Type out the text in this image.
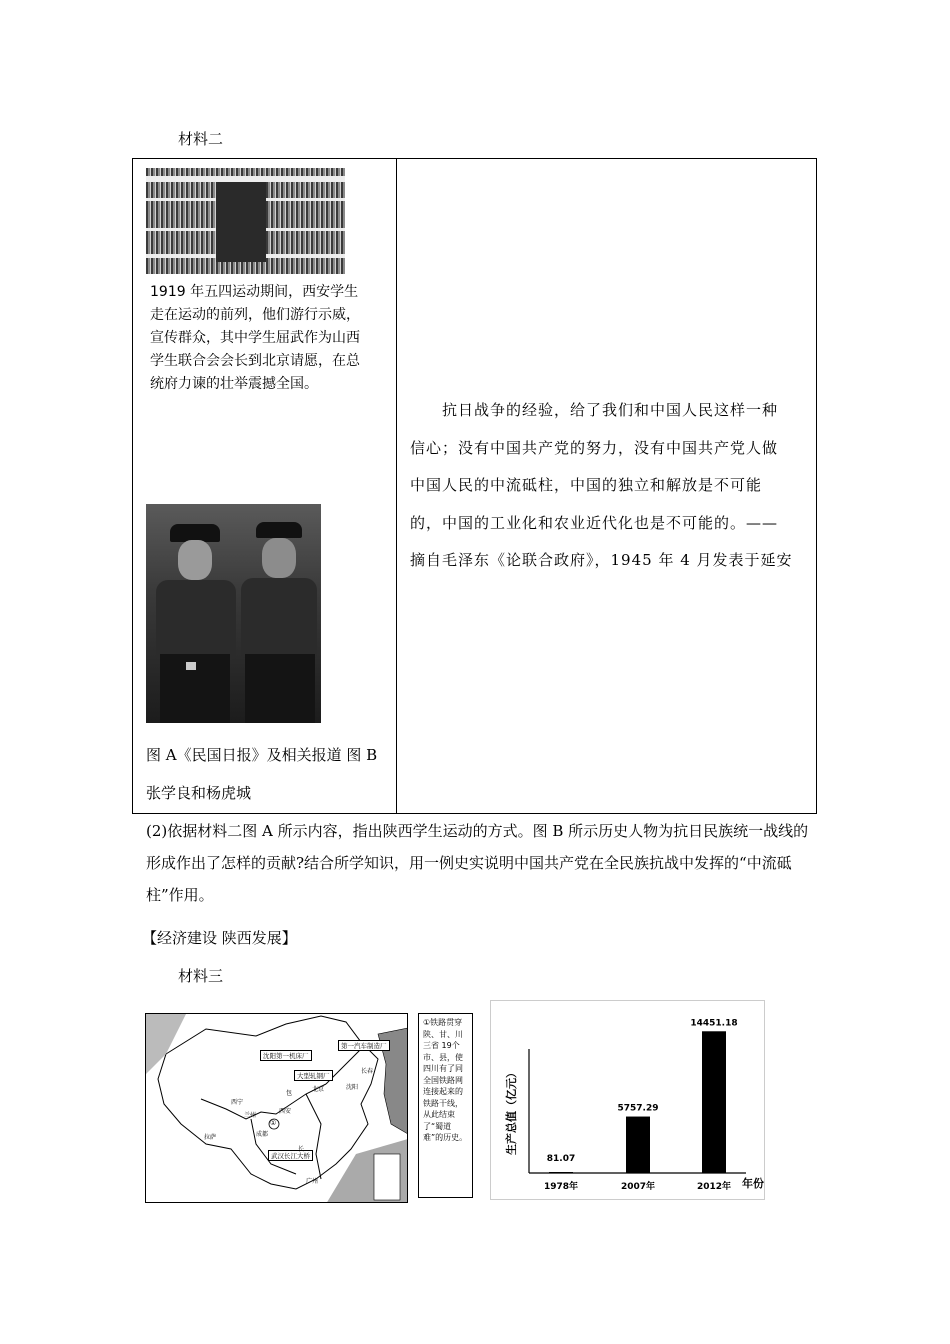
材料二
1919 年五四运动期间，西安学生走在运动的前列，他们游行示威，宣传群众，其中学生屈武作为山西学生联合会会长到北京请愿，在总统府力谏的壮举震撼全国。
图 A《民国日报》及相关报道 图 B 张学良和杨虎城
　　抗日战争的经验，给了我们和中国人民这样一种
信心；没有中国共产党的努力，没有中国共产党人做
中国人民的中流砥柱，中国的独立和解放是不可能
的，中国的工业化和农业近代化也是不可能的。——
摘自毛泽东《论联合政府》，1945 年 4 月发表于延安
(2)依据材料二图 A 所示内容，指出陕西学生运动的方式。图 B 所示历史人物为抗日民族统一战线的形成作出了怎样的贡献?结合所学知识，用一例史实说明中国共产党在全民族抗战中发挥的“中流砥柱”作用。
【经济建设 陕西发展】
材料三
沈阳第一机床厂
第一汽车制造厂
大型轧钢厂
武汉长江大桥
长春
沈阳
北京
西宁
兰州
西安
成都
拉萨
广州
长
包
①
①铁路贯穿陕、甘、川三省 19个市、县，使四川有了同全国铁路网连接起来的铁路干线，从此结束了“蜀道难”的历史。	生产总值（亿元）
年份
81.07
1978年
5757.29
2007年
14451.18
2012年
